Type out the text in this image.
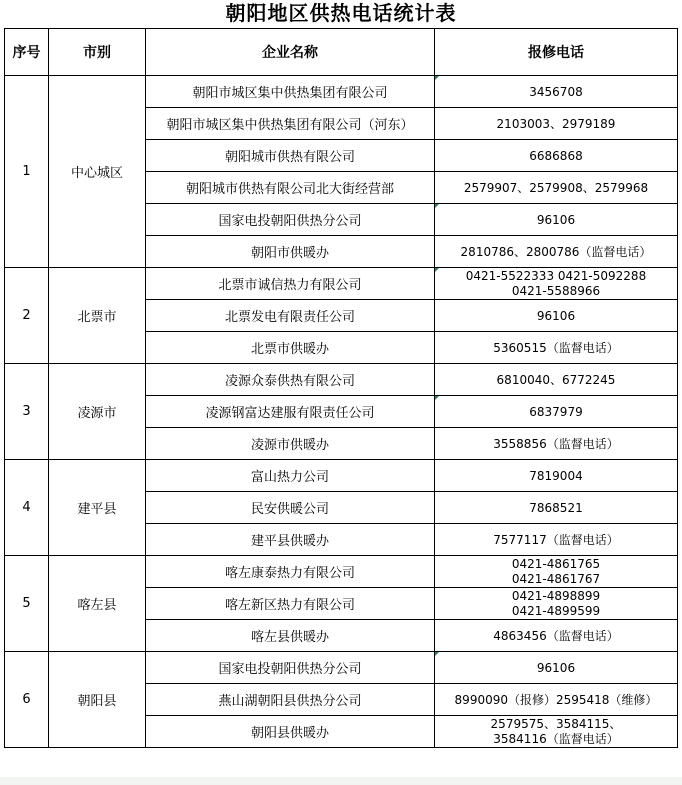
朝阳地区供热电话统计表
序号	市别	企业名称	报修电话
1	中心城区	朝阳市城区集中供热集团有限公司	3456708
		朝阳市城区集中供热集团有限公司（河东）	2103003、2979189
		朝阳城市供热有限公司	6686868
		朝阳城市供热有限公司北大街经营部	2579907、2579908、2579968
		国家电投朝阳供热分公司	96106
		朝阳市供暖办	2810786、2800786（监督电话）
2	北票市	北票市诚信热力有限公司	0421-5522333 0421-5092288
0421-5588966

		北票发电有限责任公司	96106
		北票市供暖办	5360515（监督电话）
3	凌源市	凌源众泰供热有限公司	6810040、6772245
		凌源钢富达建服有限责任公司	6837979
		凌源市供暖办	3558856（监督电话）
4	建平县	富山热力公司	7819004
		民安供暖公司	7868521
		建平县供暖办	7577117（监督电话）
5	喀左县	喀左康泰热力有限公司	0421-4861765
0421-4861767

		喀左新区热力有限公司	0421-4898899
0421-4899599

		喀左县供暖办	4863456（监督电话）
6	朝阳县	国家电投朝阳供热分公司	96106
		燕山湖朝阳县供热分公司	8990090（报修）2595418（维修）
		朝阳县供暖办	2579575、3584115、
3584116（监督电话）
